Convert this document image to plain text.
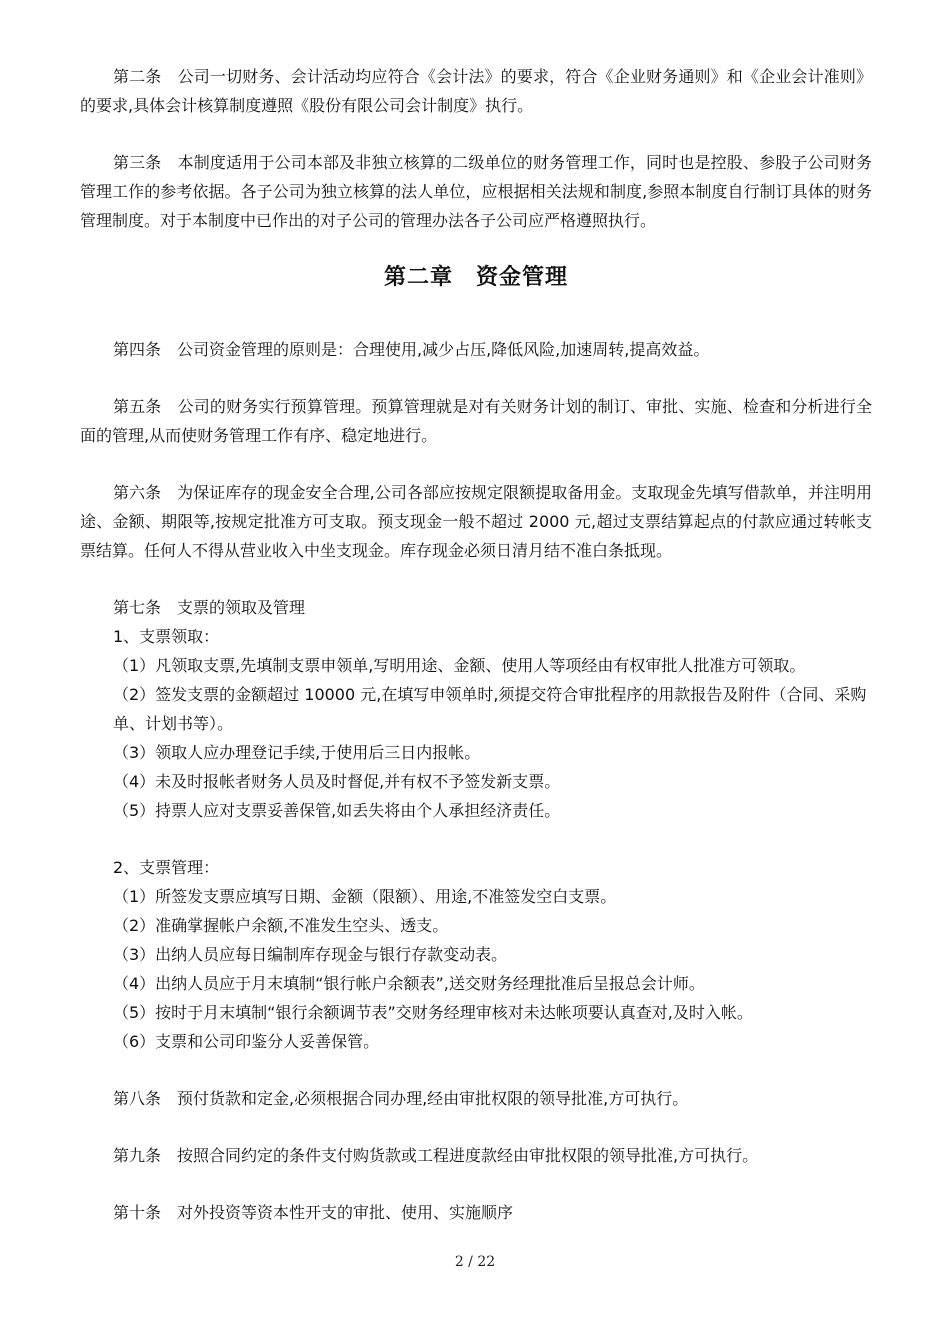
第二条　公司一切财务、会计活动均应符合《会计法》的要求，符合《企业财务通则》和《企业会计准则》的要求,具体会计核算制度遵照《股份有限公司会计制度》执行。

第三条　本制度适用于公司本部及非独立核算的二级单位的财务管理工作，同时也是控股、参股子公司财务管理工作的参考依据。各子公司为独立核算的法人单位，应根据相关法规和制度,参照本制度自行制订具体的财务管理制度。对于本制度中已作出的对子公司的管理办法各子公司应严格遵照执行。

第二章　资金管理

第四条　公司资金管理的原则是：合理使用,减少占压,降低风险,加速周转,提高效益。

第五条　公司的财务实行预算管理。预算管理就是对有关财务计划的制订、审批、实施、检查和分析进行全面的管理,从而使财务管理工作有序、稳定地进行。

第六条　为保证库存的现金安全合理,公司各部应按规定限额提取备用金。支取现金先填写借款单，并注明用途、金额、期限等,按规定批准方可支取。预支现金一般不超过 2000 元,超过支票结算起点的付款应通过转帐支票结算。任何人不得从营业收入中坐支现金。库存现金必须日清月结不准白条抵现。

第七条　支票的领取及管理

1、支票领取：

（1）凡领取支票,先填制支票申领单,写明用途、金额、使用人等项经由有权审批人批准方可领取。

（2）签发支票的金额超过 10000 元,在填写申领单时,须提交符合审批程序的用款报告及附件（合同、采购单、计划书等）。

（3）领取人应办理登记手续,于使用后三日内报帐。

（4）未及时报帐者财务人员及时督促,并有权不予签发新支票。

（5）持票人应对支票妥善保管,如丢失将由个人承担经济责任。

2、支票管理：

（1）所签发支票应填写日期、金额（限额）、用途,不准签发空白支票。

（2）准确掌握帐户余额,不准发生空头、透支。

（3）出纳人员应每日编制库存现金与银行存款变动表。

（4）出纳人员应于月末填制“银行帐户余额表”,送交财务经理批准后呈报总会计师。

（5）按时于月末填制“银行余额调节表”交财务经理审核对未达帐项要认真查对,及时入帐。

（6）支票和公司印鉴分人妥善保管。

第八条　预付货款和定金,必须根据合同办理,经由审批权限的领导批准,方可执行。

第九条　按照合同约定的条件支付购货款或工程进度款经由审批权限的领导批准,方可执行。

第十条　对外投资等资本性开支的审批、使用、实施顺序

2 / 22
